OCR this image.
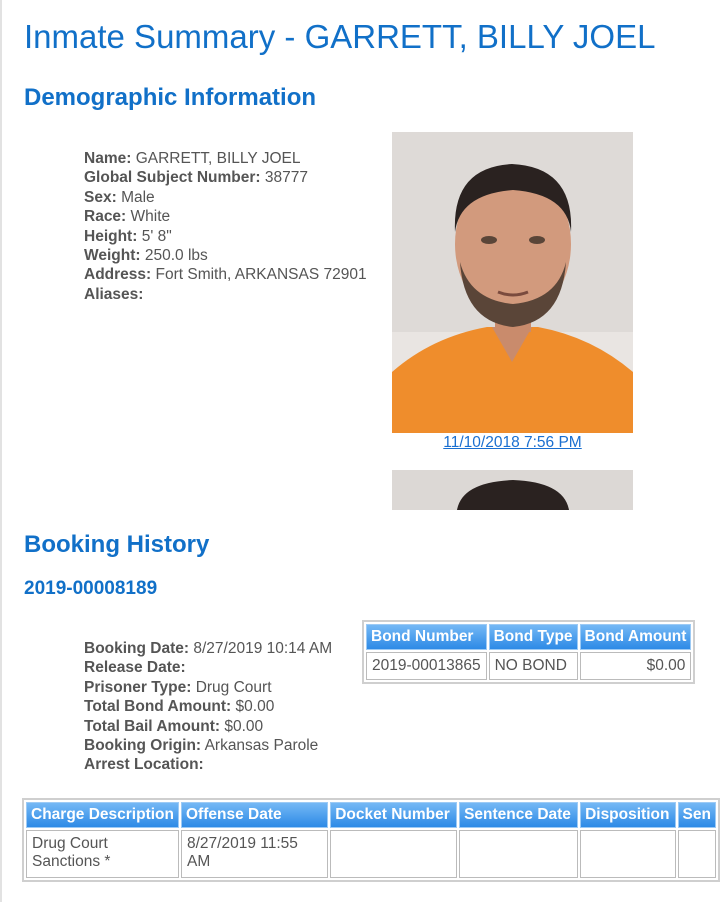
Inmate Summary - GARRETT, BILLY JOEL
Demographic Information
Name: GARRETT, BILLY JOEL
Global Subject Number: 38777
Sex: Male
Race: White
Height: 5' 8"
Weight: 250.0 lbs
Address: Fort Smith, ARKANSAS 72901
Aliases:
11/10/2018 7:56 PM
Booking History
2019-00008189
Booking Date: 8/27/2019 10:14 AM
Release Date:
Prisoner Type: Drug Court
Total Bond Amount: $0.00
Total Bail Amount: $0.00
Booking Origin: Arkansas Parole
Arrest Location:
Bond Number	Bond Type	Bond Amount
2019-00013865	NO BOND	$0.00
Charge Description	Offense Date	Docket Number	Sentence Date	Disposition	Sen
Drug Court Sanctions *	8/27/2019 11:55 AM				
